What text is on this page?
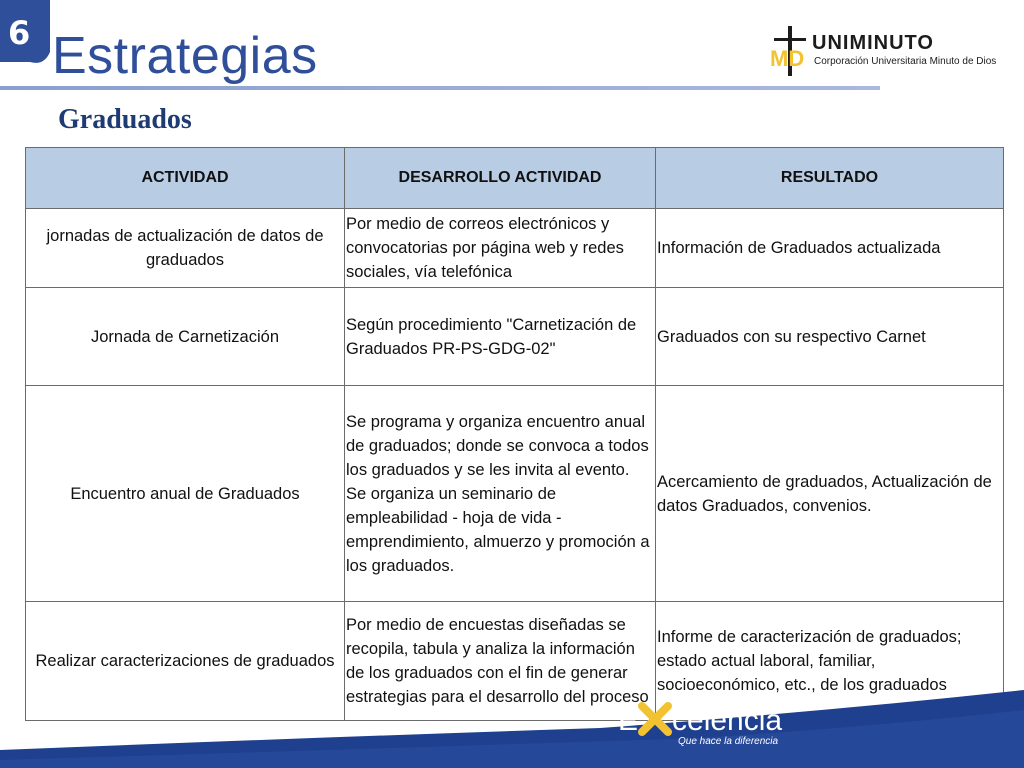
6 Estrategias
Graduados
MD
UNIMINUTO
Corporación Universitaria Minuto de Dios
ACTIVIDAD	DESARROLLO ACTIVIDAD	RESULTADO
jornadas de actualización de datos de graduados	Por medio de correos electrónicos y convocatorias por página web y redes sociales, vía telefónica	Información de Graduados actualizada
Jornada de Carnetización	Según procedimiento "Carnetización de Graduados PR-PS-GDG-02"	Graduados con su respectivo Carnet
Encuentro anual de Graduados	Se programa y organiza encuentro anual de graduados; donde se convoca a todos los graduados y se les invita al evento. Se organiza un seminario de empleabilidad - hoja de vida - emprendimiento, almuerzo y promoción a los graduados.	Acercamiento de graduados, Actualización de datos Graduados, convenios.
Realizar caracterizaciones de graduados	Por medio de encuestas diseñadas se recopila, tabula y analiza la información de los graduados con el fin de generar estrategias para el desarrollo del proceso	Informe de caracterización de graduados; estado actual laboral, familiar, socioeconómico, etc., de los graduados
E celencia
Que hace la diferencia
